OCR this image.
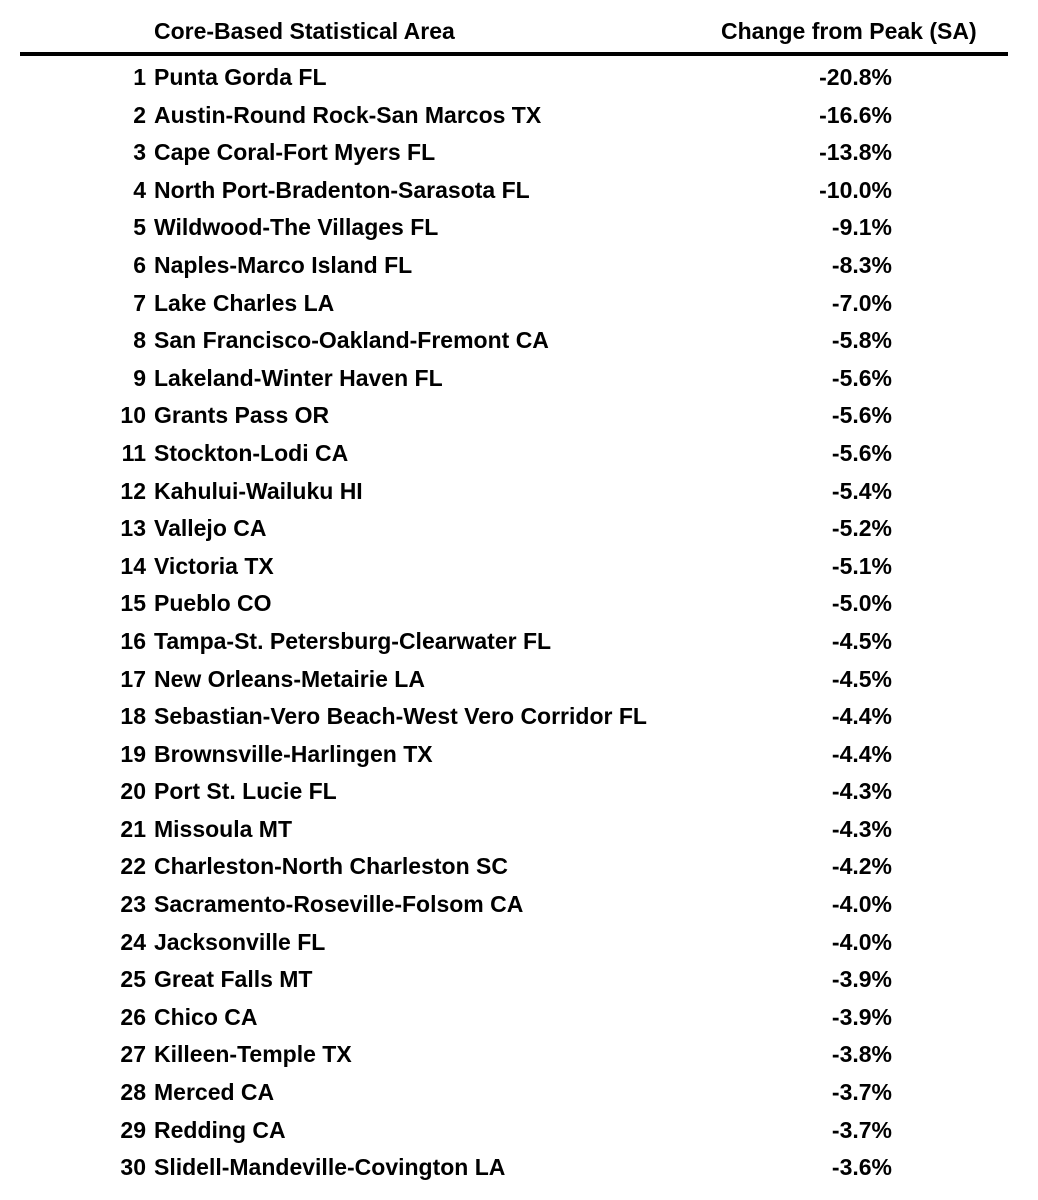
Core-Based Statistical Area	Change from Peak (SA)
1 Punta Gorda FL	-20.8%
2 Austin-Round Rock-San Marcos TX	-16.6%
3 Cape Coral-Fort Myers FL	-13.8%
4 North Port-Bradenton-Sarasota FL	-10.0%
5 Wildwood-The Villages FL	-9.1%
6 Naples-Marco Island FL	-8.3%
7 Lake Charles LA	-7.0%
8 San Francisco-Oakland-Fremont CA	-5.8%
9 Lakeland-Winter Haven FL	-5.6%
10 Grants Pass OR	-5.6%
11 Stockton-Lodi CA	-5.6%
12 Kahului-Wailuku HI	-5.4%
13 Vallejo CA	-5.2%
14 Victoria TX	-5.1%
15 Pueblo CO	-5.0%
16 Tampa-St. Petersburg-Clearwater FL	-4.5%
17 New Orleans-Metairie LA	-4.5%
18 Sebastian-Vero Beach-West Vero Corridor FL	-4.4%
19 Brownsville-Harlingen TX	-4.4%
20 Port St. Lucie FL	-4.3%
21 Missoula MT	-4.3%
22 Charleston-North Charleston SC	-4.2%
23 Sacramento-Roseville-Folsom CA	-4.0%
24 Jacksonville FL	-4.0%
25 Great Falls MT	-3.9%
26 Chico CA	-3.9%
27 Killeen-Temple TX	-3.8%
28 Merced CA	-3.7%
29 Redding CA	-3.7%
30 Slidell-Mandeville-Covington LA	-3.6%
